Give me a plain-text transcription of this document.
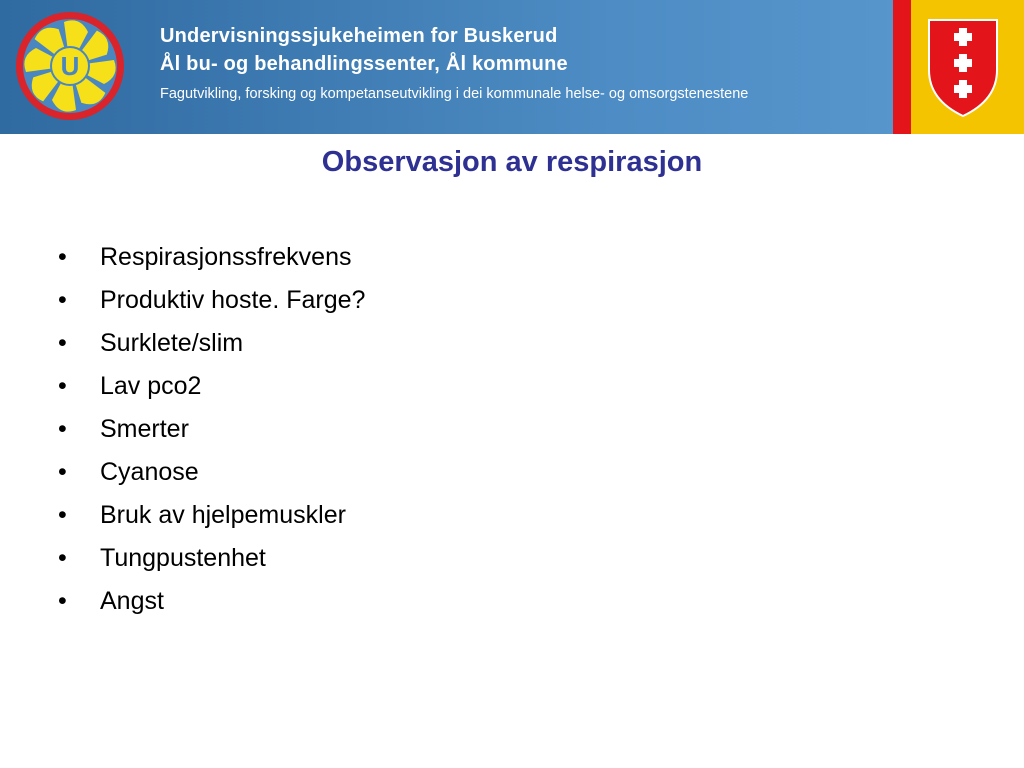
U
Undervisningssjukeheimen for Buskerud
Ål bu- og behandlingssenter, Ål kommune
Fagutvikling, forsking og kompetanseutvikling i dei kommunale helse- og omsorgstenestene
Observasjon av respirasjon
• Respirasjonssfrekvens
• Produktiv hoste. Farge?
• Surklete/slim
• Lav pco2
• Smerter
• Cyanose
• Bruk av hjelpemuskler
• Tungpustenhet
• Angst
